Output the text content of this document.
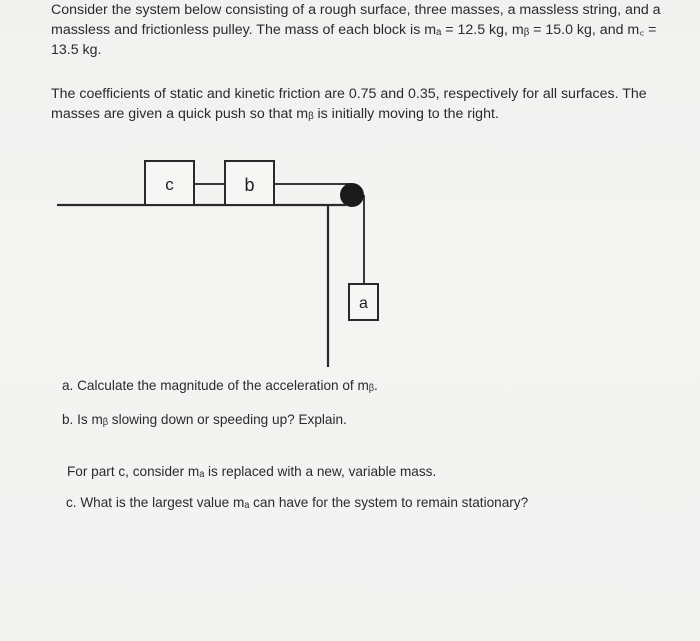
Consider the system below consisting of a rough surface, three masses, a massless string, and a
massless and frictionless pulley. The mass of each block is mₐ = 12.5 kg, mᵦ = 15.0 kg, and m꜀ =
13.5 kg.
The coefficients of static and kinetic friction are 0.75 and 0.35, respectively for all surfaces. The
masses are given a quick push so that mᵦ is initially moving to the right.
c	b
a

a. Calculate the magnitude of the acceleration of mᵦ.

b. Is mᵦ slowing down or speeding up? Explain.

For part c, consider mₐ is replaced with a new, variable mass.

c. What is the largest value mₐ can have for the system to remain stationary?
